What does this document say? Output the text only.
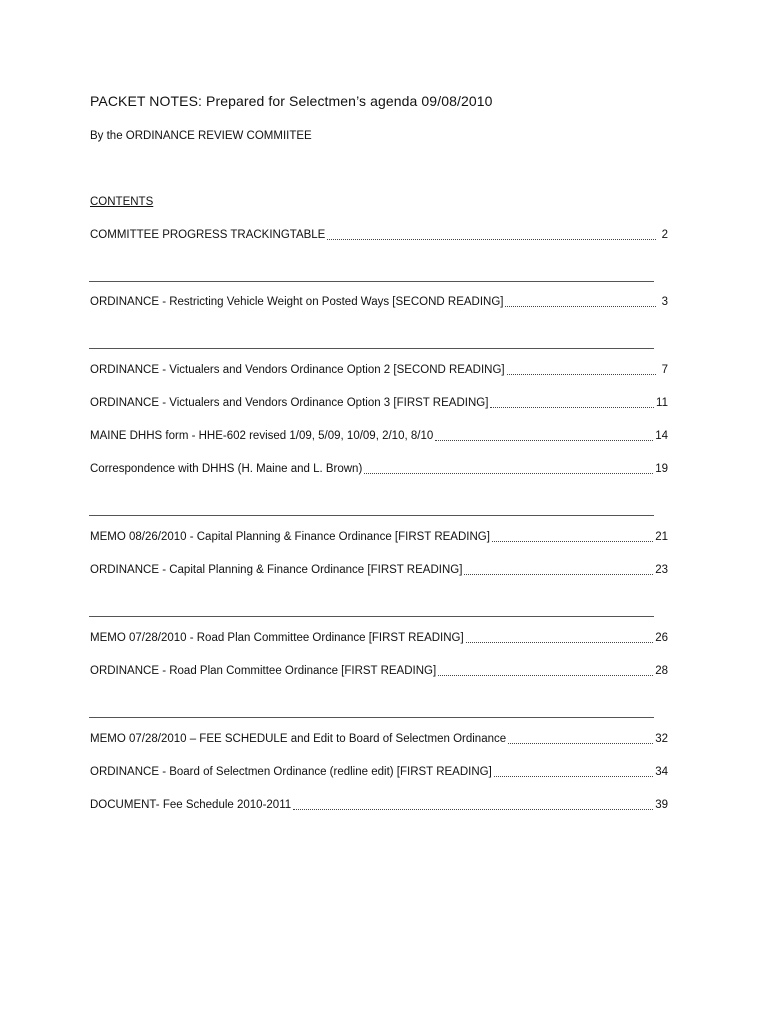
PACKET NOTES: Prepared for Selectmen’s agenda 09/08/2010
By the ORDINANCE REVIEW COMMIITEE
CONTENTS
COMMITTEE PROGRESS TRACKINGTABLE	2
ORDINANCE - Restricting Vehicle Weight on Posted Ways [SECOND READING]	3
ORDINANCE - Victualers and Vendors Ordinance Option 2 [SECOND READING]	7
ORDINANCE - Victualers and Vendors Ordinance Option 3 [FIRST READING]	11
MAINE DHHS form - HHE-602 revised 1/09, 5/09, 10/09, 2/10, 8/10	14
Correspondence with DHHS (H. Maine and L. Brown)	19
MEMO 08/26/2010 - Capital Planning & Finance Ordinance [FIRST READING]	21
ORDINANCE - Capital Planning & Finance Ordinance [FIRST READING]	23
MEMO 07/28/2010 - Road Plan Committee Ordinance [FIRST READING]	26
ORDINANCE - Road Plan Committee Ordinance [FIRST READING]	28
MEMO 07/28/2010 – FEE SCHEDULE and Edit to Board of Selectmen Ordinance	32
ORDINANCE - Board of Selectmen Ordinance (redline edit) [FIRST READING]	34
DOCUMENT- Fee Schedule 2010-2011	39
